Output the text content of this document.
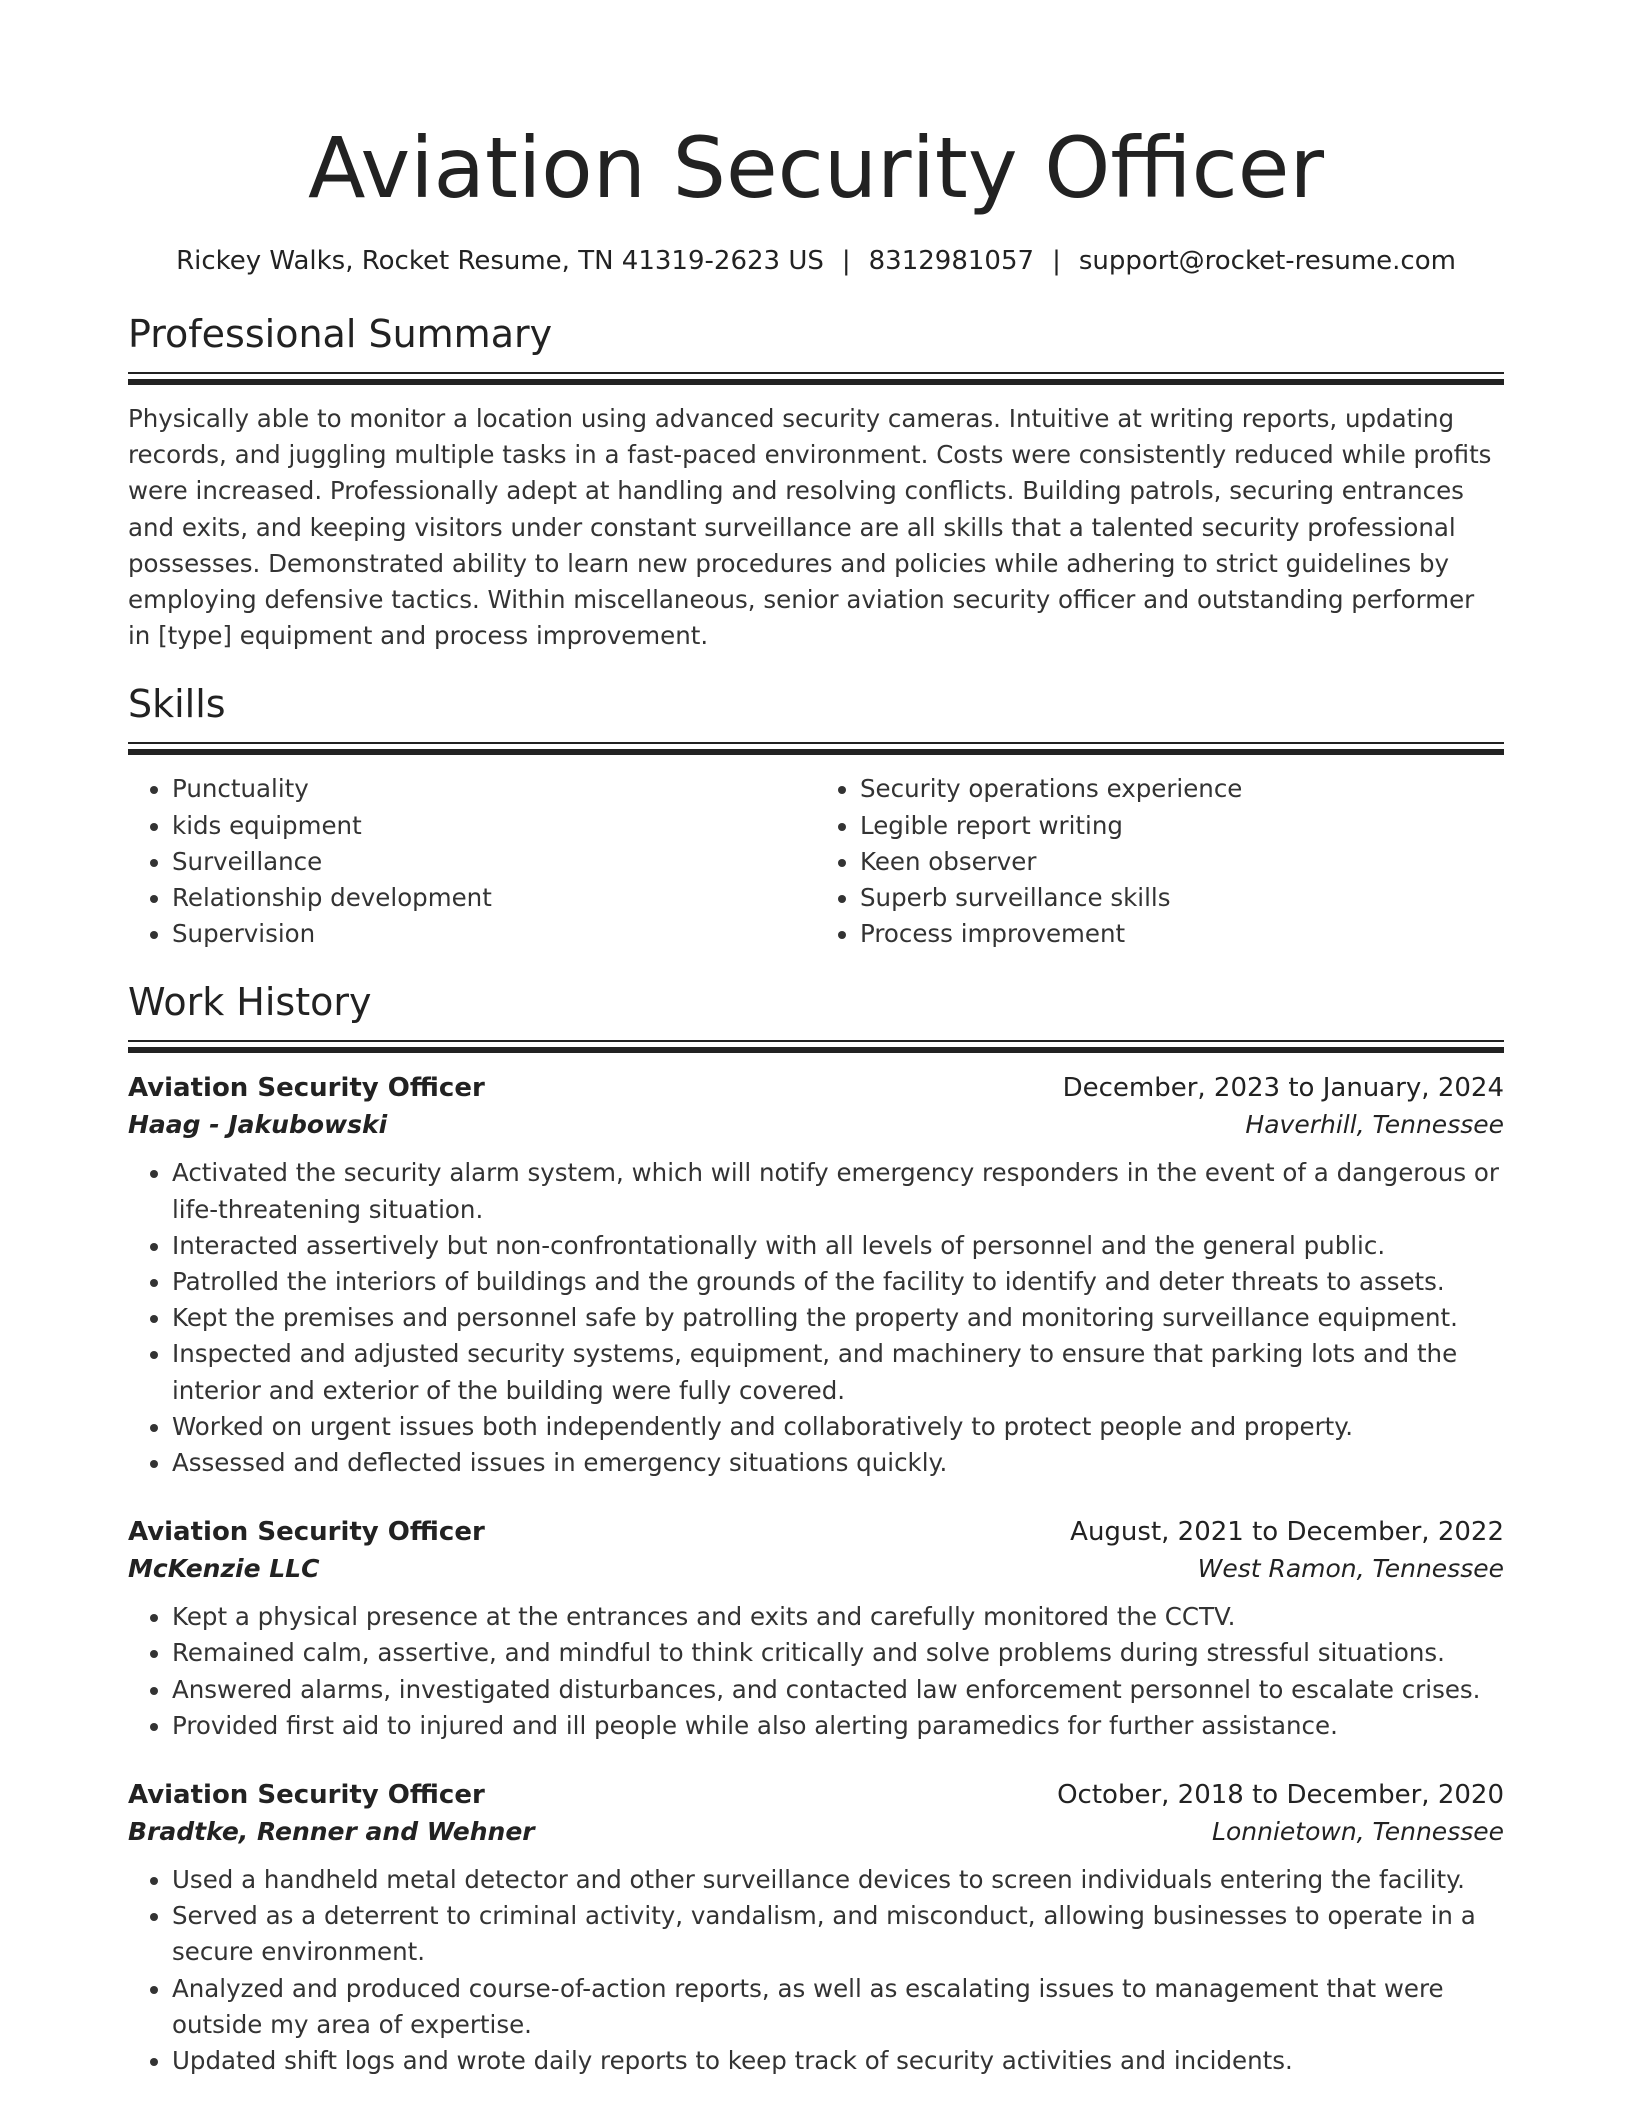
Aviation Security Officer
Rickey Walks, Rocket Resume, TN 41319-2623 US | 8312981057 | support@rocket-resume.com
Professional Summary

Physically able to monitor a location using advanced security cameras. Intuitive at writing reports, updating records, and juggling multiple tasks in a fast-paced environment. Costs were consistently reduced while profits were increased. Professionally adept at handling and resolving conflicts. Building patrols, securing entrances and exits, and keeping visitors under constant surveillance are all skills that a talented security professional possesses. Demonstrated ability to learn new procedures and policies while adhering to strict guidelines by employing defensive tactics. Within miscellaneous, senior aviation security officer and outstanding performer in [type] equipment and process improvement.

Skills
• Punctuality
• kids equipment
• Surveillance
• Relationship development
• Supervision
• Security operations experience
• Legible report writing
• Keen observer
• Superb surveillance skills
• Process improvement
Work History
Aviation Security Officer	December, 2023 to January, 2024
Haag - Jakubowski	Haverhill, Tennessee
• Activated the security alarm system, which will notify emergency responders in the event of a dangerous or life-threatening situation.
• Interacted assertively but non-confrontationally with all levels of personnel and the general public.
• Patrolled the interiors of buildings and the grounds of the facility to identify and deter threats to assets.
• Kept the premises and personnel safe by patrolling the property and monitoring surveillance equipment.
• Inspected and adjusted security systems, equipment, and machinery to ensure that parking lots and the interior and exterior of the building were fully covered.
• Worked on urgent issues both independently and collaboratively to protect people and property.
• Assessed and deflected issues in emergency situations quickly.
Aviation Security Officer	August, 2021 to December, 2022
McKenzie LLC	West Ramon, Tennessee
• Kept a physical presence at the entrances and exits and carefully monitored the CCTV.
• Remained calm, assertive, and mindful to think critically and solve problems during stressful situations.
• Answered alarms, investigated disturbances, and contacted law enforcement personnel to escalate crises.
• Provided first aid to injured and ill people while also alerting paramedics for further assistance.
Aviation Security Officer	October, 2018 to December, 2020
Bradtke, Renner and Wehner	Lonnietown, Tennessee
• Used a handheld metal detector and other surveillance devices to screen individuals entering the facility.
• Served as a deterrent to criminal activity, vandalism, and misconduct, allowing businesses to operate in a secure environment.
• Analyzed and produced course-of-action reports, as well as escalating issues to management that were outside my area of expertise.
• Updated shift logs and wrote daily reports to keep track of security activities and incidents.
